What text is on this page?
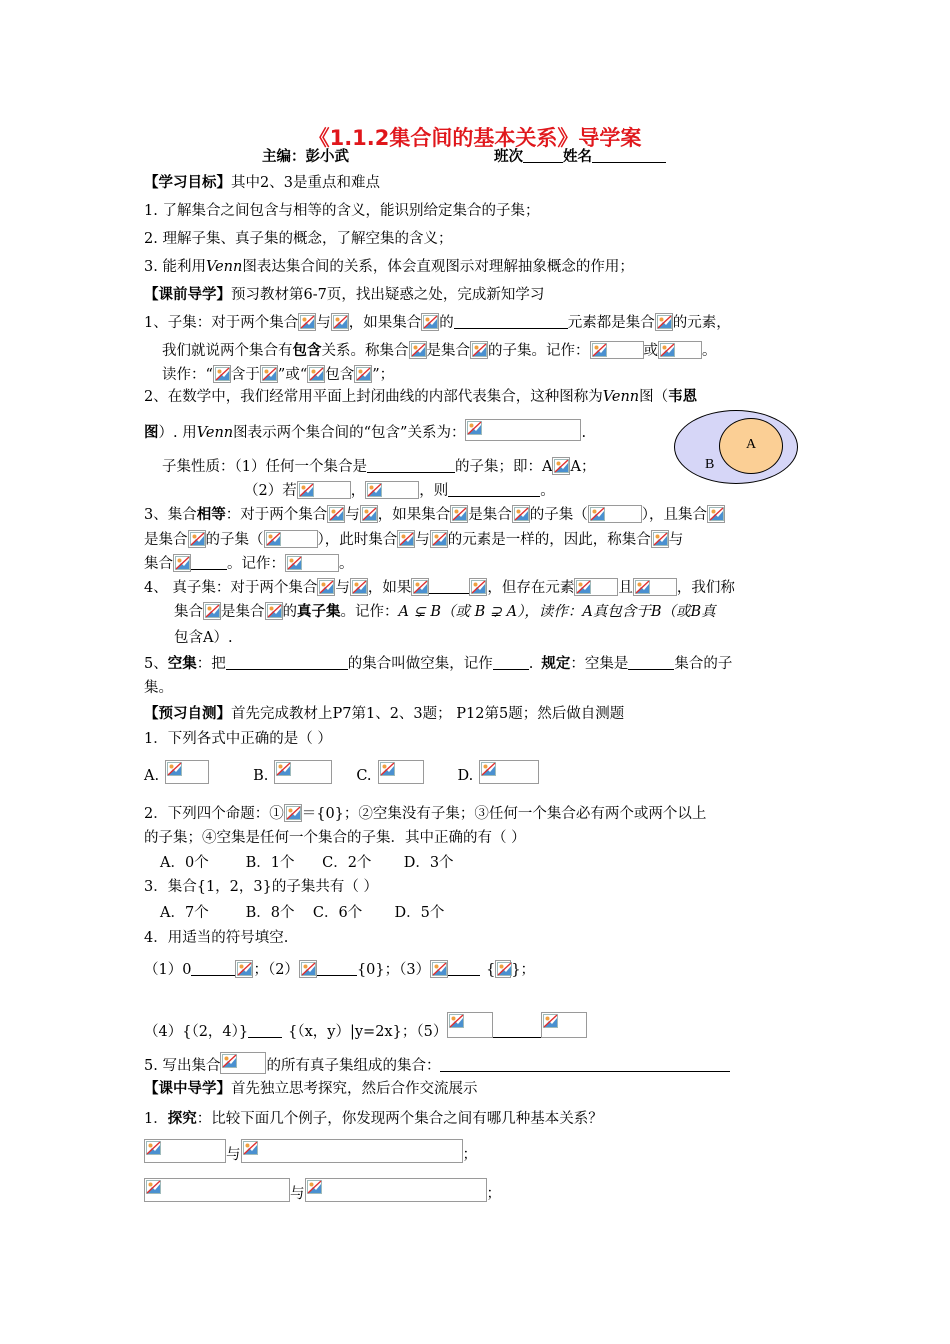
《1.1.2集合间的基本关系》导学案
主编：彭小武	班次	姓名
【学习目标】其中2、3是重点和难点
1. 了解集合之间包含与相等的含义，能识别给定集合的子集；
2. 理解子集、真子集的概念，了解空集的含义；
3. 能利用Venn图表达集合间的关系，体会直观图示对理解抽象概念的作用；
【课前导学】预习教材第6-7页，找出疑惑之处，完成新知学习
1、子集：对于两个集合 与 ，如果集合 的	元素都是集合 的元素，
我们就说两个集合有包含关系。称集合 是集合 的子集。记作：	或	。
读作：“ 含于 ”或“ 包含 ”；
2、在数学中，我们经常用平面上封闭曲线的内部代表集合，这种图称为Venn图（韦恩
图）. 用Venn图表示两个集合间的“包含”关系为：	.
B
A
子集性质：（1）任何一个集合是	的子集；即：A A；
（2）若	，	，则	。
3、集合相等：对于两个集合 与 ，如果集合 是集合 的子集（	），且集合
是集合 的子集（	），此时集合 与 的元素是一样的，因此，称集合 与
集合	。记作：	。
4、 真子集：对于两个集合 与 ，如果	，但存在元素	且	，我们称
集合 是集合 的真子集。记作：A ⊊ B（或 B ⊋ A），读作：A真包含于B（或B真
包含A）.
5、空集：把	的集合叫做空集，记作 . 规定：空集是	集合的子
集。
【预习自测】首先完成教材上P7第1、2、3题； P12第5题；然后做自测题
1．下列各式中正确的是（ ）
A.	B.	C.	D.
2．下列四个命题：① ＝{0}；②空集没有子集；③任何一个集合必有两个或两个以上
的子集；④空集是任何一个集合的子集．其中正确的有（ ）
A．0个        B．1个      C．2个       D．3个
3．集合{1，2，3}的子集共有（ ）
A．7个        B．8个    C．6个       D．5个
4．用适当的符号填空.
（1）0	；（2）	{0}；（3）	{ }；
（4）{（2，4）}	{（x，y）|y=2x}；（5）
5. 写出集合	的所有真子集组成的集合：
【课中导学】首先独立思考探究，然后合作交流展示
1．探究：比较下面几个例子，你发现两个集合之间有哪几种基本关系？
与	；
与	；
